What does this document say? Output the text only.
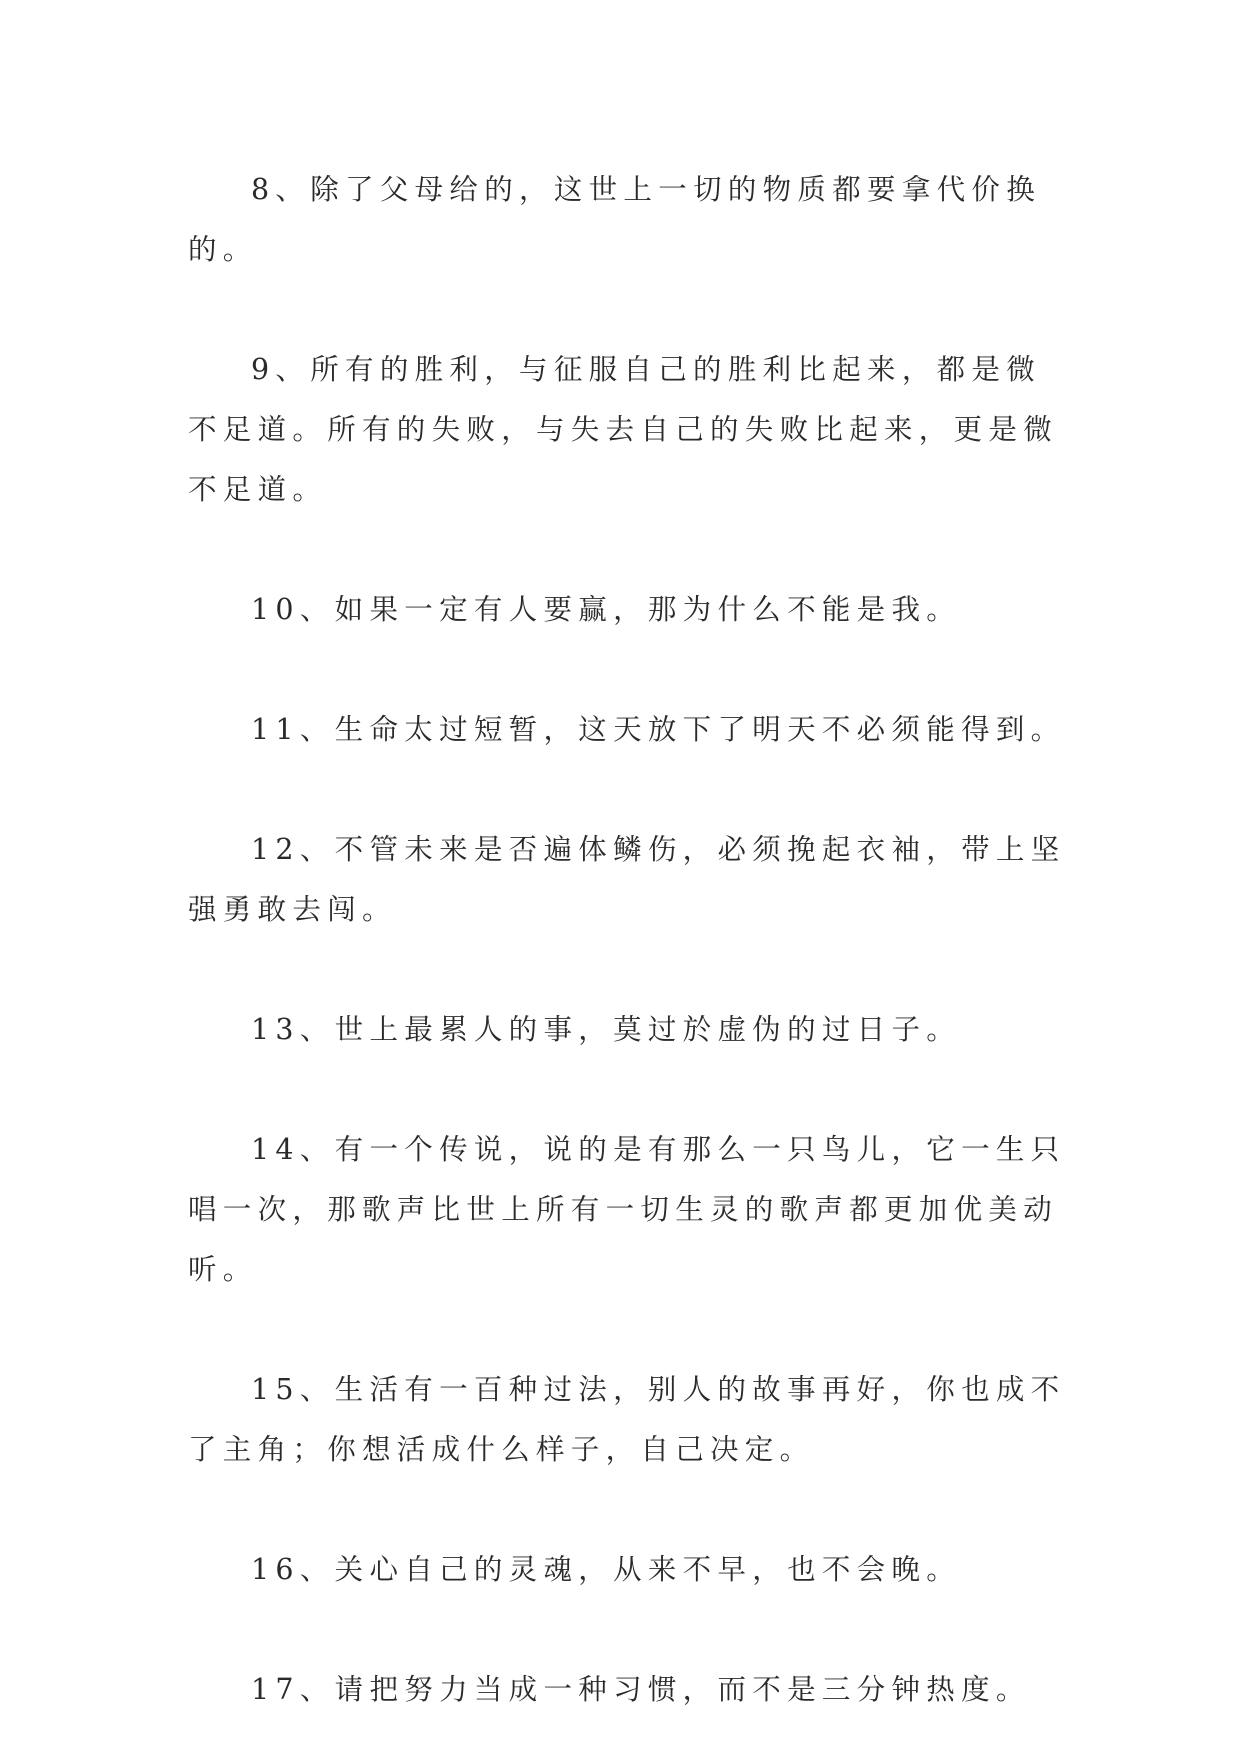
8、除了父母给的，这世上一切的物质都要拿代价换的。

9、所有的胜利，与征服自己的胜利比起来，都是微不足道。所有的失败，与失去自己的失败比起来，更是微不足道。

10、如果一定有人要赢，那为什么不能是我。

11、生命太过短暂，这天放下了明天不必须能得到。

12、不管未来是否遍体鳞伤，必须挽起衣袖，带上坚强勇敢去闯。

13、世上最累人的事，莫过於虚伪的过日子。

14、有一个传说，说的是有那么一只鸟儿，它一生只唱一次，那歌声比世上所有一切生灵的歌声都更加优美动听。

15、生活有一百种过法，别人的故事再好，你也成不了主角；你想活成什么样子，自己决定。

16、关心自己的灵魂，从来不早，也不会晚。

17、请把努力当成一种习惯，而不是三分钟热度。
